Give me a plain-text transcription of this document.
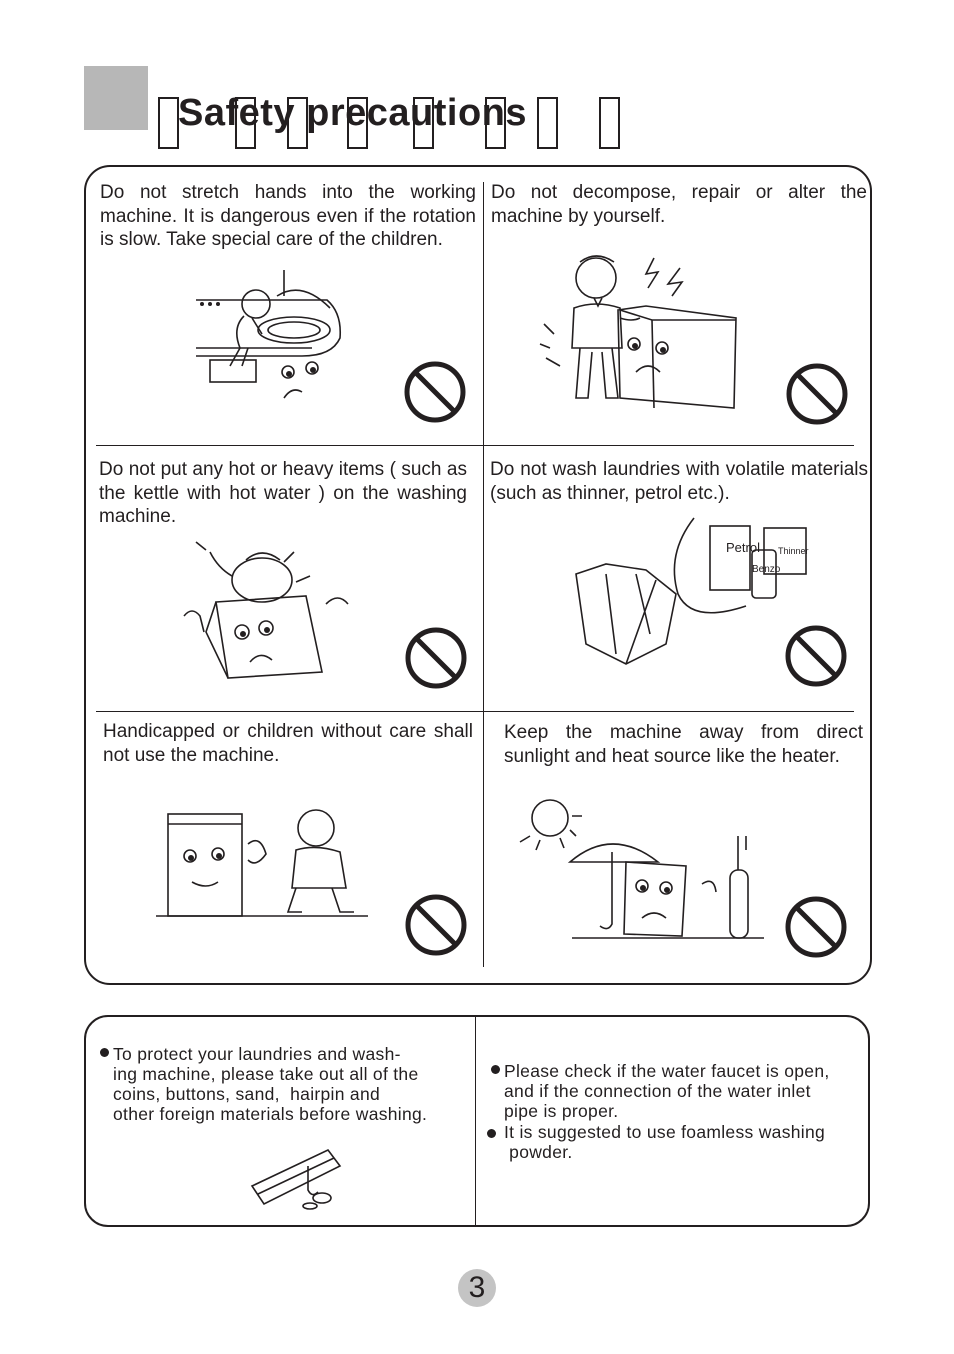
Safety precautions
Do not stretch hands into the working machine. It is dangerous even if the rotation is slow. Take special care of the children.
Do not decompose, repair or alter the machine by yourself.
Do not put any hot or heavy items ( such as the kettle with hot water ) on the washing machine.
Do not wash laundries with volatile materials (such as thinner, petrol etc.).
Handicapped or children without care shall not use the machine.
Keep the machine away from direct sunlight and heat source like the heater.
Petrol Thinner
Benzo
To protect your laundries and wash-
ing machine, please take out all of the
coins, buttons, sand,  hairpin and
other foreign materials before washing.
Please check if the water faucet is open,
and if the connection of the water inlet
pipe is proper.
It is suggested to use foamless washing
powder.
3
